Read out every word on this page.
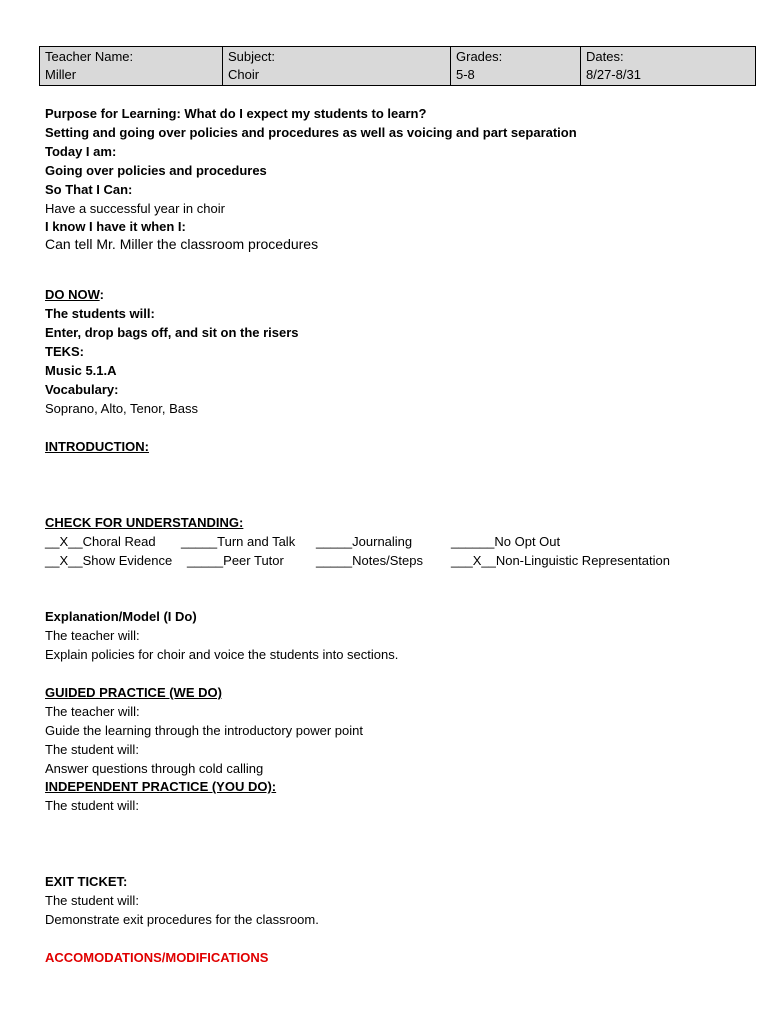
Teacher Name:
Miller

Subject:
Choir

Grades:
5-8

Dates:
8/27-8/31
Purpose for Learning: What do I expect my students to learn?
Setting and going over policies and procedures as well as voicing and part separation
Today I am:
Going over policies and procedures
So That I Can:
Have a successful year in choir
I know I have it when I:
Can tell Mr. Miller the classroom procedures
DO NOW:
The students will:
Enter, drop bags off, and sit on the risers
TEKS:
Music 5.1.A
Vocabulary:
Soprano, Alto, Tenor, Bass
INTRODUCTION:
CHECK FOR UNDERSTANDING:
__X__Choral Read _____Turn and Talk _____Journaling	______No Opt Out
__X__Show Evidence _____Peer Tutor _____Notes/Steps ___X__Non-Linguistic Representation
Explanation/Model (I Do)
The teacher will:
Explain policies for choir and voice the students into sections.
GUIDED PRACTICE (WE DO)
The teacher will:
Guide the learning through the introductory power point
The student will:
Answer questions through cold calling
INDEPENDENT PRACTICE (YOU DO):
The student will:
EXIT TICKET:
The student will:
Demonstrate exit procedures for the classroom.
ACCOMODATIONS/MODIFICATIONS
